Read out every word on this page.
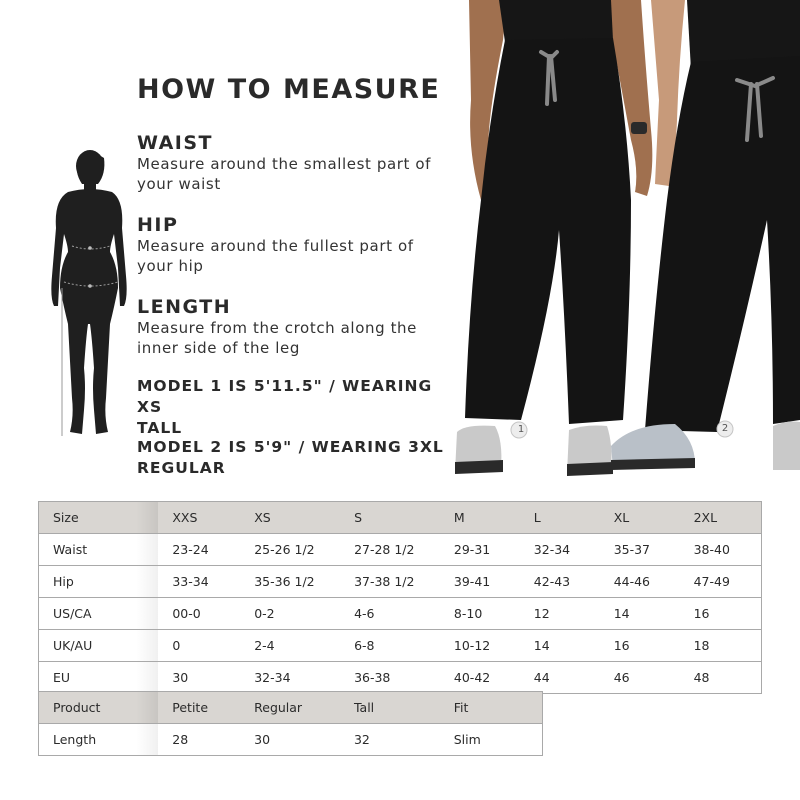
HOW TO MEASURE
WAIST
Measure around the smallest part of
your waist
HIP
Measure around the fullest part of
your hip
LENGTH
Measure from the crotch along the
inner side of the leg
MODEL 1 IS 5'11.5" / WEARING XS
TALL
MODEL 2 IS 5'9" / WEARING 3XL
REGULAR
1	2
Size	XXS	XS	S	M	L	XL	2XL
Waist	23-24	25-26 1/2	27-28 1/2	29-31	32-34	35-37	38-40
Hip	33-34	35-36 1/2	37-38 1/2	39-41	42-43	44-46	47-49
US/CA	00-0	0-2	4-6	8-10	12	14	16
UK/AU	0	2-4	6-8	10-12	14	16	18
EU	30	32-34	36-38	40-42	44	46	48
Product	Petite	Regular	Tall	Fit
Length	28	30	32	Slim
